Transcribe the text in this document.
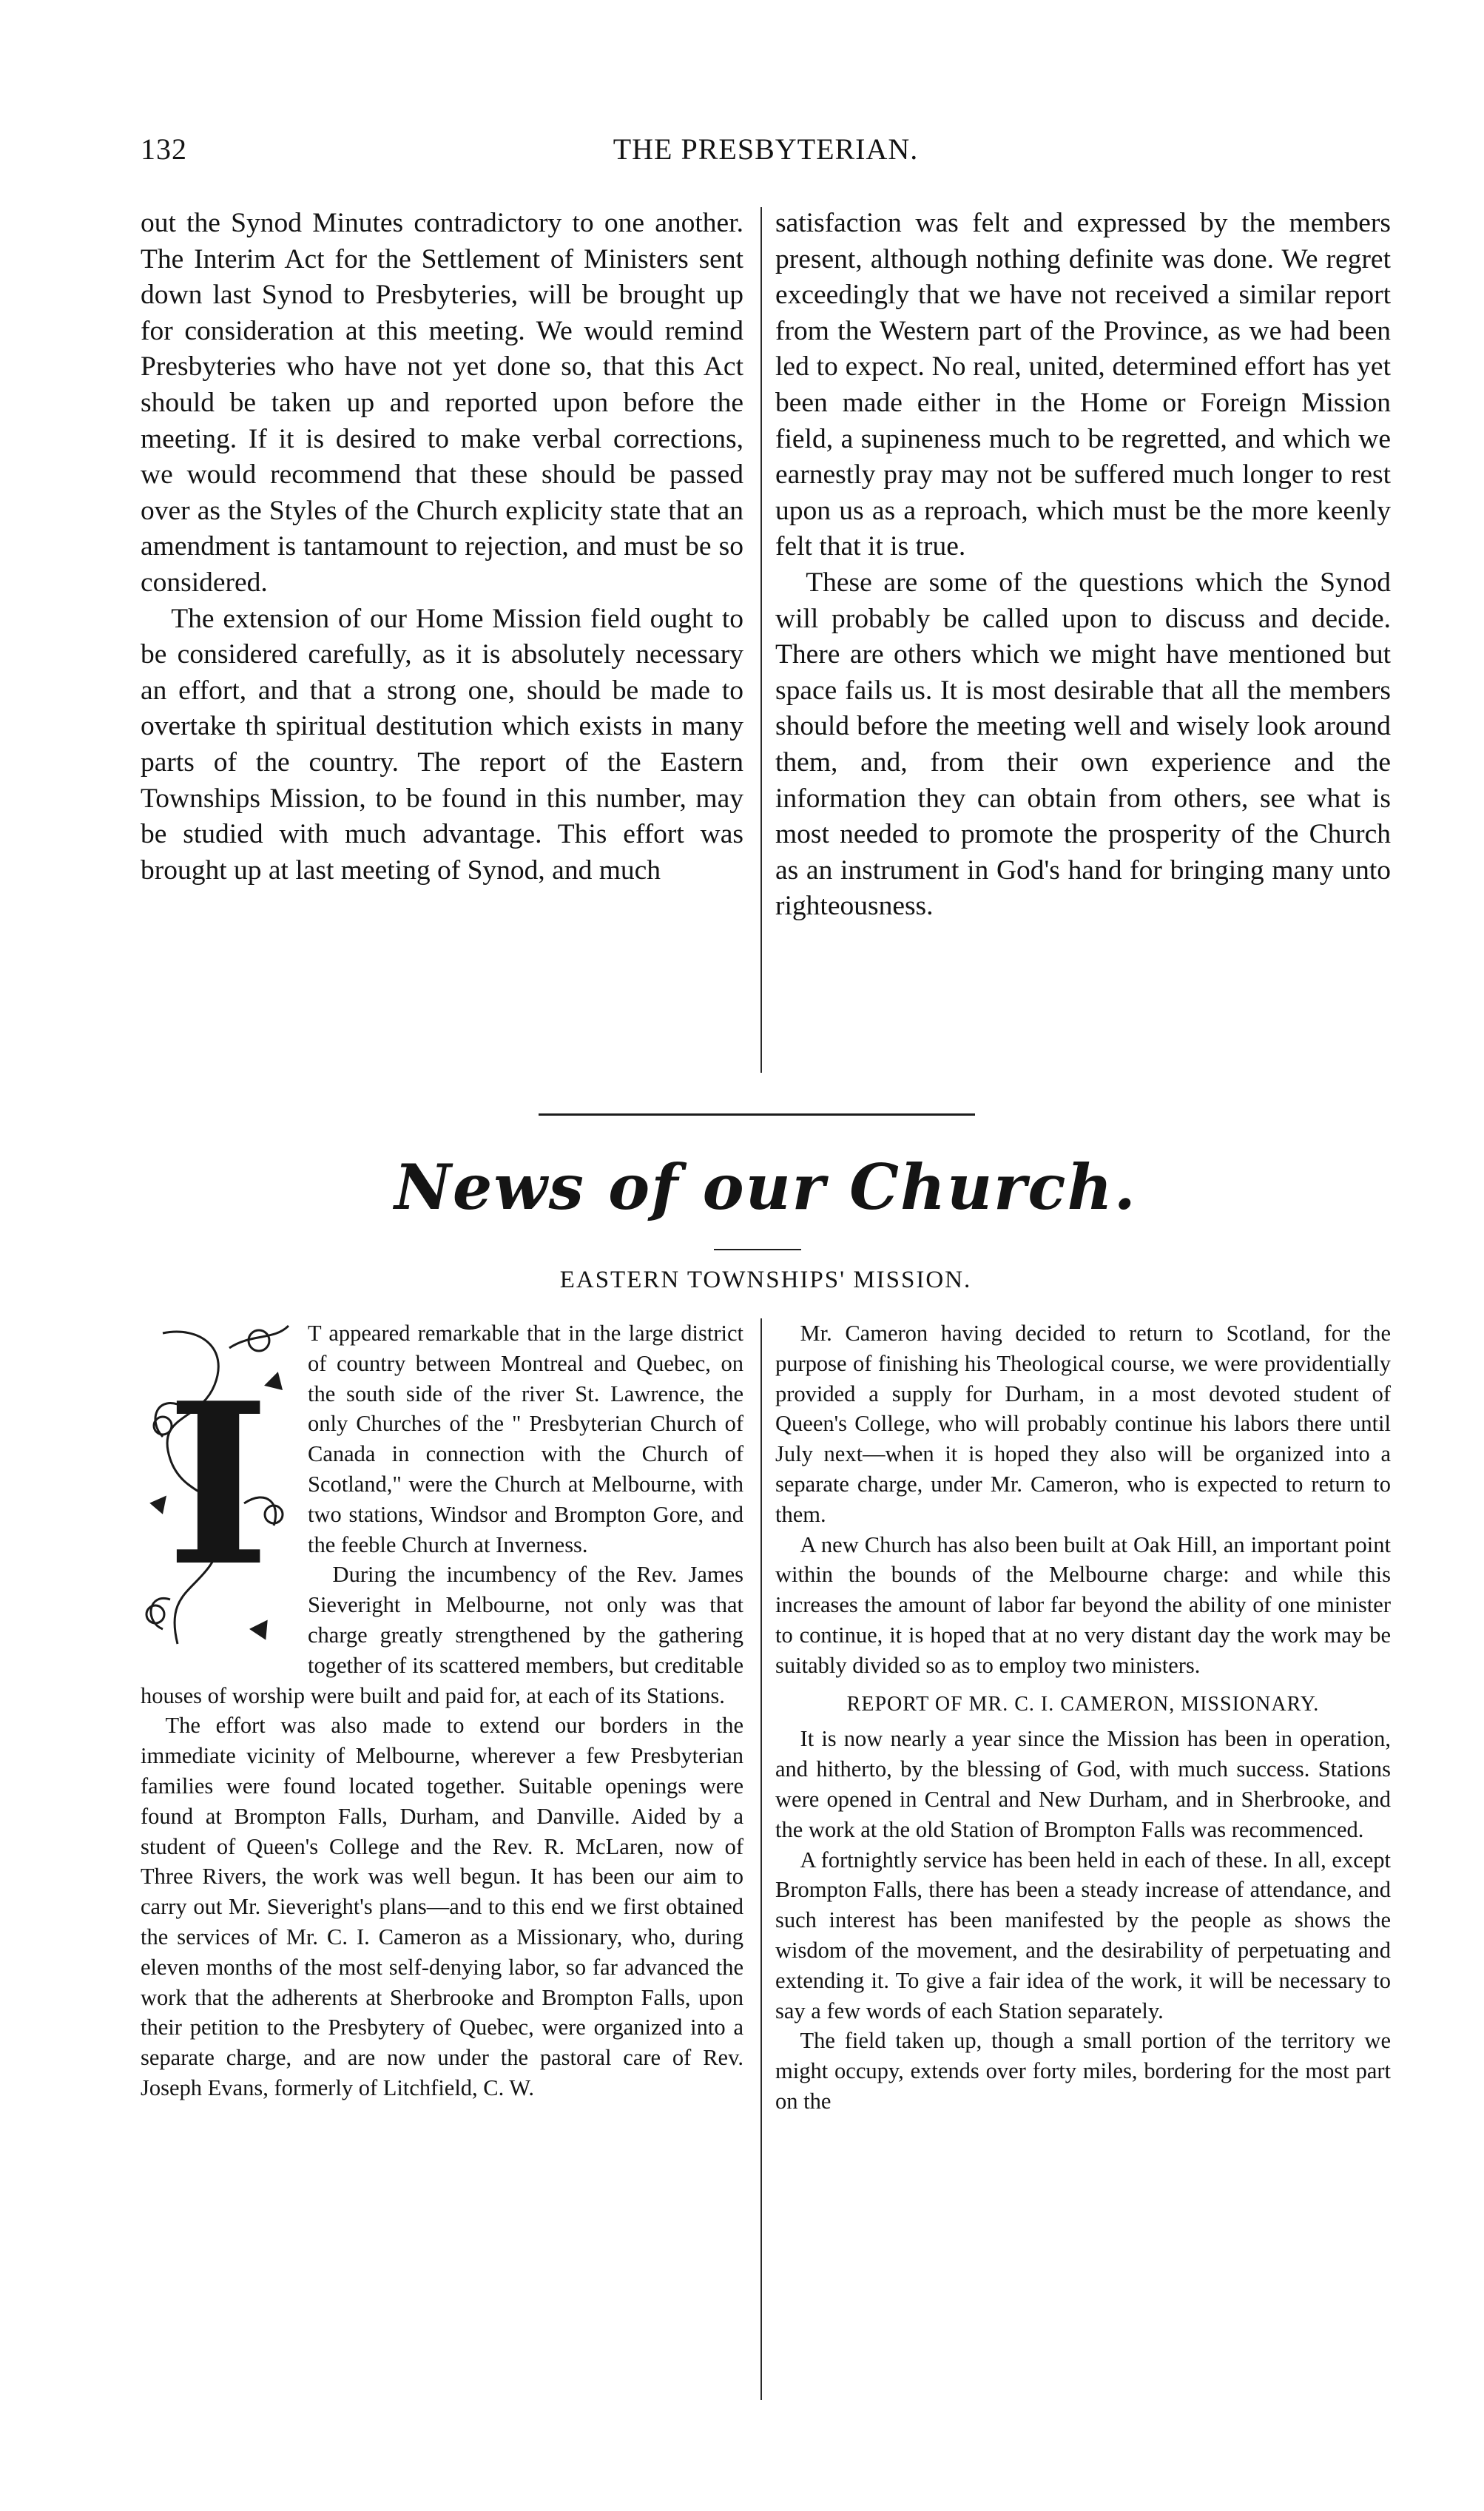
132	THE PRESBYTERIAN.

out the Synod Minutes contradictory to one another. The Interim Act for the Settlement of Ministers sent down last Synod to Presbyteries, will be brought up for consideration at this meeting. We would remind Presbyteries who have not yet done so, that this Act should be taken up and reported upon before the meeting. If it is desired to make verbal corrections, we would recommend that these should be passed over as the Styles of the Church explicity state that an amendment is tantamount to rejection, and must be so considered.

The extension of our Home Mission field ought to be considered carefully, as it is absolutely necessary an effort, and that a strong one, should be made to overtake th spiritual destitution which exists in many parts of the country. The report of the Eastern Townships Mission, to be found in this number, may be studied with much advantage. This effort was brought up at last meeting of Synod, and much

satisfaction was felt and expressed by the members present, although nothing definite was done. We regret exceedingly that we have not received a similar report from the Western part of the Province, as we had been led to expect. No real, united, determined effort has yet been made either in the Home or Foreign Mission field, a supineness much to be regretted, and which we earnestly pray may not be suffered much longer to rest upon us as a reproach, which must be the more keenly felt that it is true.

These are some of the questions which the Synod will probably be called upon to discuss and decide. There are others which we might have mentioned but space fails us. It is most desirable that all the members should before the meeting well and wisely look around them, and, from their own experience and the information they can obtain from others, see what is most needed to promote the prosperity of the Church as an instrument in God's hand for bringing many unto righteousness.

News of our Church.
EASTERN TOWNSHIPS' MISSION.
I

T appeared remarkable that in the large district of country between Montreal and Quebec, on the south side of the river St. Lawrence, the only Churches of the " Presbyterian Church of Canada in connection with the Church of Scotland," were the Church at Melbourne, with two stations, Windsor and Brompton Gore, and the feeble Church at Inverness.

During the incumbency of the Rev. James Sieveright in Melbourne, not only was that charge greatly strengthened by the gathering together of its scattered members, but creditable houses of worship were built and paid for, at each of its Stations.

The effort was also made to extend our borders in the immediate vicinity of Melbourne, wherever a few Presbyterian families were found located together. Suitable openings were found at Brompton Falls, Durham, and Danville. Aided by a student of Queen's College and the Rev. R. McLaren, now of Three Rivers, the work was well begun. It has been our aim to carry out Mr. Sieveright's plans—and to this end we first obtained the services of Mr. C. I. Cameron as a Missionary, who, during eleven months of the most self-denying labor, so far advanced the work that the adherents at Sherbrooke and Brompton Falls, upon their petition to the Presbytery of Quebec, were organized into a separate charge, and are now under the pastoral care of Rev. Joseph Evans, formerly of Litchfield, C. W.

Mr. Cameron having decided to return to Scotland, for the purpose of finishing his Theological course, we were providentially provided a supply for Durham, in a most devoted student of Queen's College, who will probably continue his labors there until July next—when it is hoped they also will be organized into a separate charge, under Mr. Cameron, who is expected to return to them.

A new Church has also been built at Oak Hill, an important point within the bounds of the Melbourne charge: and while this increases the amount of labor far beyond the ability of one minister to continue, it is hoped that at no very distant day the work may be suitably divided so as to employ two ministers.

REPORT OF MR. C. I. CAMERON, MISSIONARY.

It is now nearly a year since the Mission has been in operation, and hitherto, by the blessing of God, with much success. Stations were opened in Central and New Durham, and in Sherbrooke, and the work at the old Station of Brompton Falls was recommenced.

A fortnightly service has been held in each of these. In all, except Brompton Falls, there has been a steady increase of attendance, and such interest has been manifested by the people as shows the wisdom of the movement, and the desirability of perpetuating and extending it. To give a fair idea of the work, it will be necessary to say a few words of each Station separately.

The field taken up, though a small portion of the territory we might occupy, extends over forty miles, bordering for the most part on the
